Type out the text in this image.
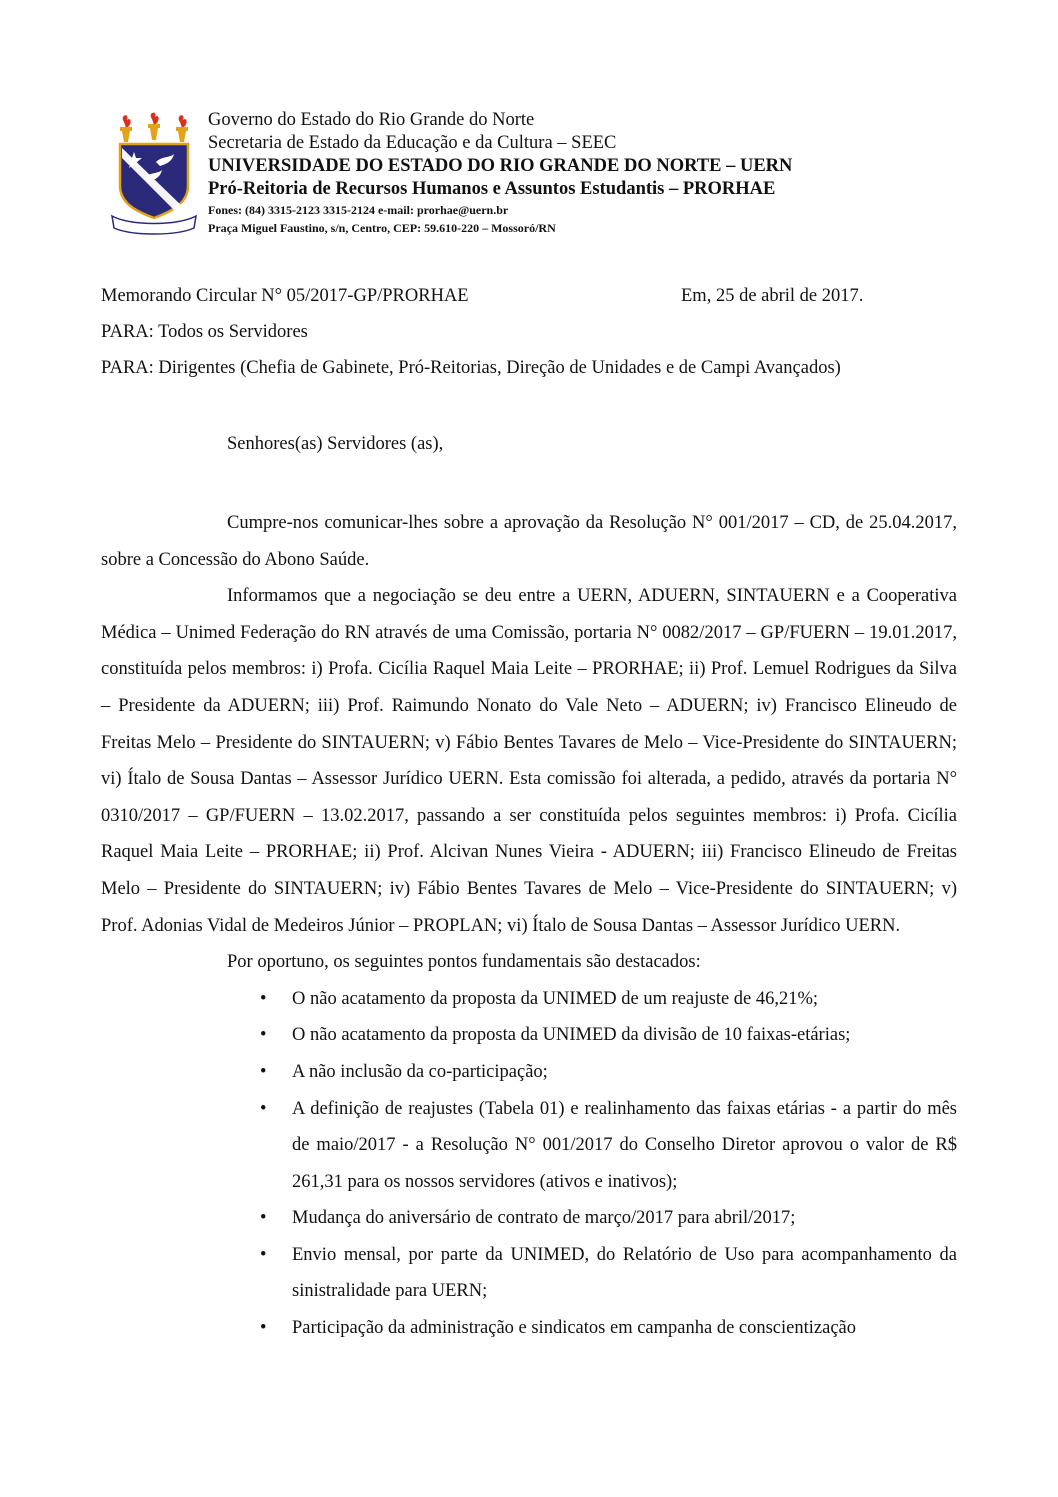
Governo do Estado do Rio Grande do Norte
Secretaria de Estado da Educação e da Cultura – SEEC
UNIVERSIDADE DO ESTADO DO RIO GRANDE DO NORTE – UERN
Pró-Reitoria de Recursos Humanos e Assuntos Estudantis – PRORHAE
Fones: (84) 3315-2123 3315-2124 e-mail: prorhae@uern.br
Praça Miguel Faustino, s/n, Centro, CEP: 59.610-220 – Mossoró/RN
Memorando Circular N° 05/2017-GP/PRORHAE	Em, 25 de abril de 2017.
PARA: Todos os Servidores
PARA: Dirigentes (Chefia de Gabinete, Pró-Reitorias, Direção de Unidades e de Campi Avançados)
Senhores(as) Servidores (as),

Cumpre-nos comunicar-lhes sobre a aprovação da Resolução N° 001/2017 – CD, de 25.04.2017, sobre a Concessão do Abono Saúde.

Informamos que a negociação se deu entre a UERN, ADUERN, SINTAUERN e a Cooperativa Médica – Unimed Federação do RN através de uma Comissão, portaria N° 0082/2017 – GP/FUERN – 19.01.2017, constituída pelos membros: i) Profa. Cicília Raquel Maia Leite – PRORHAE; ii) Prof. Lemuel Rodrigues da Silva – Presidente da ADUERN; iii) Prof. Raimundo Nonato do Vale Neto – ADUERN; iv) Francisco Elineudo de Freitas Melo – Presidente do SINTAUERN; v) Fábio Bentes Tavares de Melo – Vice-Presidente do SINTAUERN; vi) Ítalo de Sousa Dantas – Assessor Jurídico UERN. Esta comissão foi alterada, a pedido, através da portaria N° 0310/2017 – GP/FUERN – 13.02.2017, passando a ser constituída pelos seguintes membros: i) Profa. Cicília Raquel Maia Leite – PRORHAE; ii) Prof. Alcivan Nunes Vieira - ADUERN; iii) Francisco Elineudo de Freitas Melo – Presidente do SINTAUERN; iv) Fábio Bentes Tavares de Melo – Vice-Presidente do SINTAUERN; v) Prof. Adonias Vidal de Medeiros Júnior – PROPLAN; vi) Ítalo de Sousa Dantas – Assessor Jurídico UERN.

Por oportuno, os seguintes pontos fundamentais são destacados:

• O não acatamento da proposta da UNIMED de um reajuste de 46,21%;
• O não acatamento da proposta da UNIMED da divisão de 10 faixas-etárias;
• A não inclusão da co-participação;
• A definição de reajustes (Tabela 01) e realinhamento das faixas etárias - a partir do mês de maio/2017 - a Resolução N° 001/2017 do Conselho Diretor aprovou o valor de R$ 261,31 para os nossos servidores (ativos e inativos);
• Mudança do aniversário de contrato de março/2017 para abril/2017;
• Envio mensal, por parte da UNIMED, do Relatório de Uso para acompanhamento da sinistralidade para UERN;
• Participação da administração e sindicatos em campanha de conscientização
